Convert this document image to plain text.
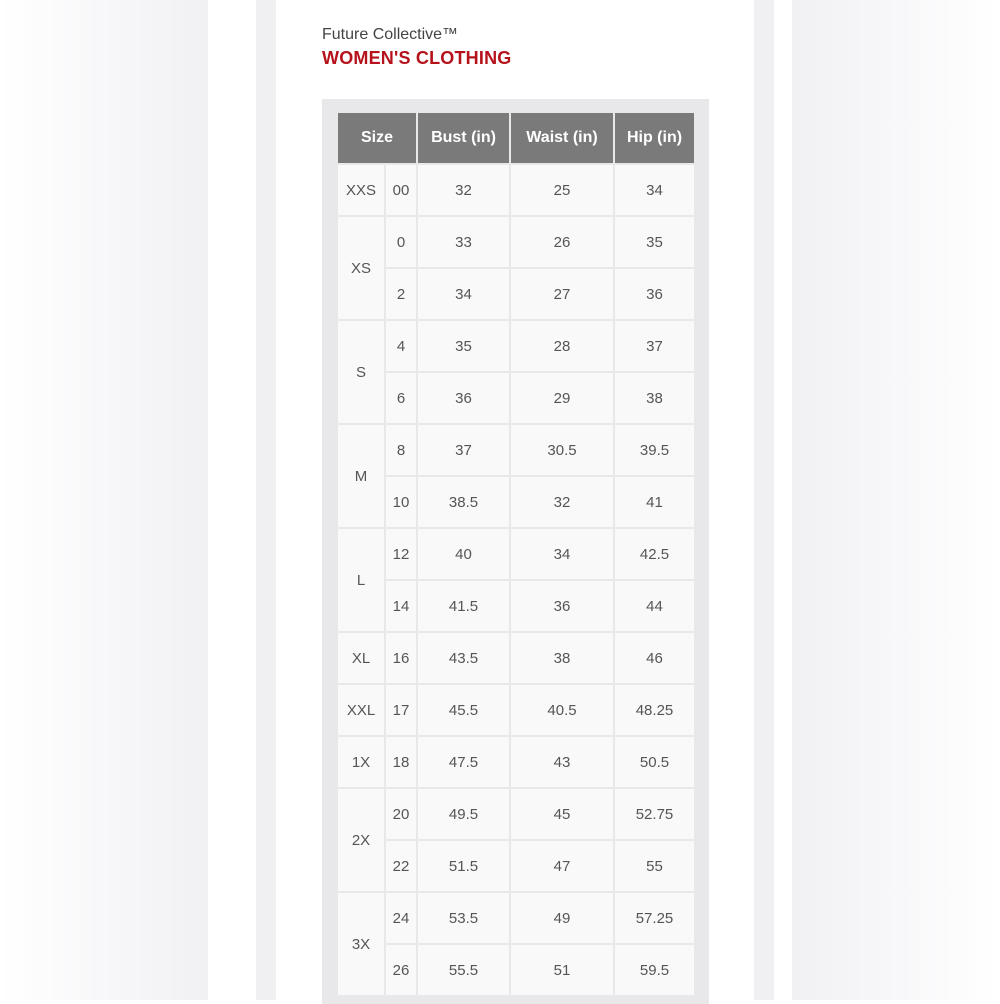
Future Collective™
WOMEN'S CLOTHING
Size		Bust (in)	Waist (in)	Hip (in)
XXS	00	32	25	34
XS	0	33	26	35
	2	34	27	36
S	4	35	28	37
	6	36	29	38
M	8	37	30.5	39.5
	10	38.5	32	41
L	12	40	34	42.5
	14	41.5	36	44
XL	16	43.5	38	46
XXL	17	45.5	40.5	48.25
1X	18	47.5	43	50.5
2X	20	49.5	45	52.75
	22	51.5	47	55
3X	24	53.5	49	57.25
	26	55.5	51	59.5
